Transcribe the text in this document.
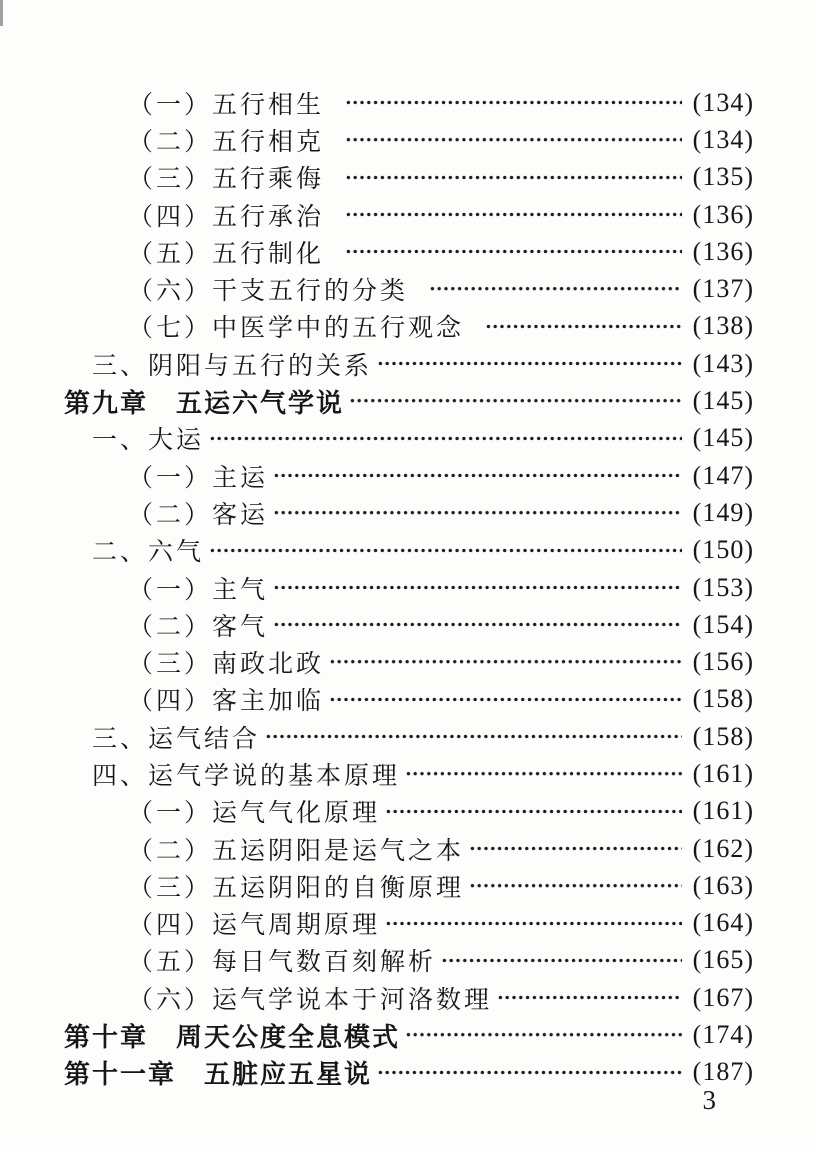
（一）五行相生 	(134)
（二）五行相克 	(134)
（三）五行乘侮 	(135)
（四）五行承治 	(136)
（五）五行制化 	(136)
（六）干支五行的分类 	(137)
（七）中医学中的五行观念 	(138)
三、阴阳与五行的关系	(143)
第九章　五运六气学说	(145)
一、大运	(145)
（一）主运	(147)
（二）客运	(149)
二、六气	(150)
（一）主气	(153)
（二）客气	(154)
（三）南政北政	(156)
（四）客主加临	(158)
三、运气结合	(158)
四、运气学说的基本原理	(161)
（一）运气气化原理	(161)
（二）五运阴阳是运气之本	(162)
（三）五运阴阳的自衡原理	(163)
（四）运气周期原理	(164)
（五）每日气数百刻解析	(165)
（六）运气学说本于河洛数理	(167)
第十章　周天公度全息模式	(174)
第十一章　五脏应五星说	(187)
3
